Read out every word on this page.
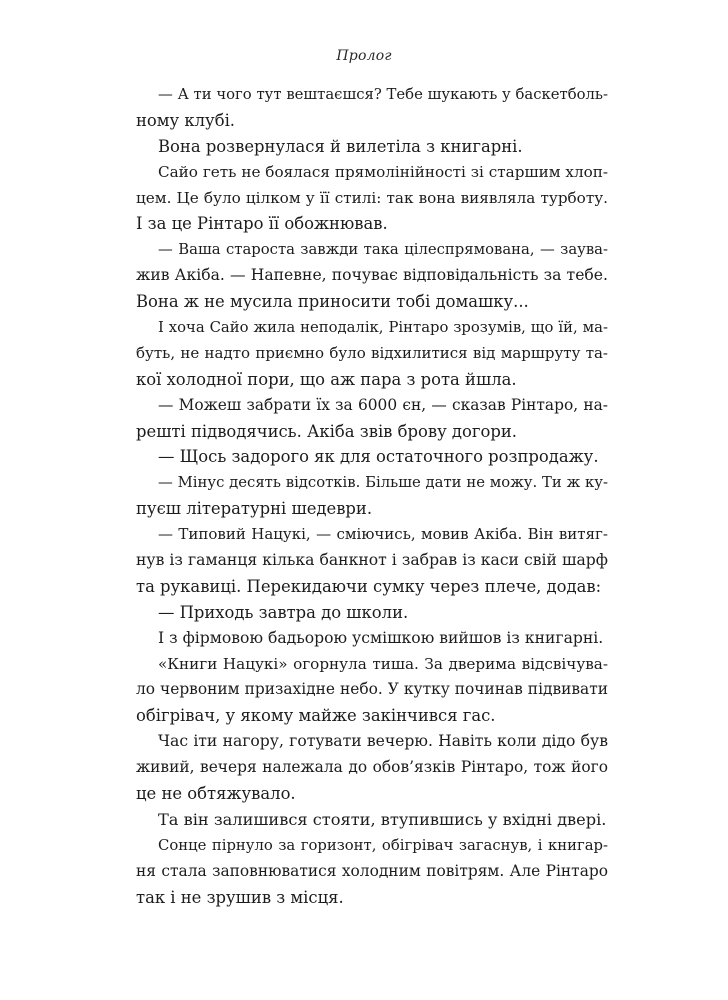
Пролог
— А ти чого тут вештаєшся? Тебе шукають у баскетболь-
ному клубі.
Вона розвернулася й вилетіла з книгарні.
Сайо геть не боялася прямолінійності зі старшим хлоп-
цем. Це було цілком у її стилі: так вона виявляла турботу.
І за це Рінтаро її обожнював.
— Ваша староста завжди така цілеспрямована, — заува-
жив Акіба. — Напевне, почуває відповідальність за тебе.
Вона ж не мусила приносити тобі домашку...
І хоча Сайо жила неподалік, Рінтаро зрозумів, що їй, ма-
буть, не надто приємно було відхилитися від маршруту та-
кої холодної пори, що аж пара з рота йшла.
— Можеш забрати їх за 6000 єн, — сказав Рінтаро, на-
решті підводячись. Акіба звів брову догори.
— Щось задорого як для остаточного розпродажу.
— Мінус десять відсотків. Більше дати не можу. Ти ж ку-
пуєш літературні шедеври.
— Типовий Нацукі, — сміючись, мовив Акіба. Він витяг-
нув із гаманця кілька банкнот і забрав із каси свій шарф
та рукавиці. Перекидаючи сумку через плече, додав:
— Приходь завтра до школи.
І з фірмовою бадьорою усмішкою вийшов із книгарні.
«Книги Нацукі» огорнула тиша. За дверима відсвічува-
ло червоним призахідне небо. У кутку починав підвивати
обігрівач, у якому майже закінчився гас.
Час іти нагору, готувати вечерю. Навіть коли дідо був
живий, вечеря належала до обов’язків Рінтаро, тож його
це не обтяжувало.
Та він залишився стояти, втупившись у вхідні двері.
Сонце пірнуло за горизонт, обігрівач загаснув, і книгар-
ня стала заповнюватися холодним повітрям. Але Рінтаро
так і не зрушив з місця.
